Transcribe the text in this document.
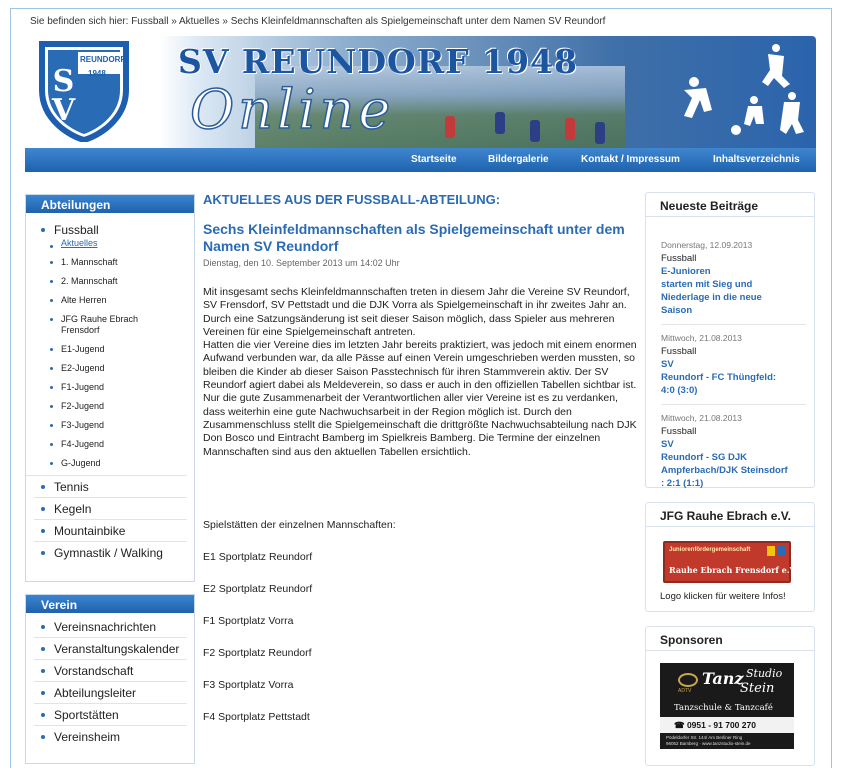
Sie befinden sich hier: Fussball » Aktuelles » Sechs Kleinfeldmannschaften als Spielgemeinschaft unter dem Namen SV Reundorf
REUNDORF
1948
SV
SV REUNDORF 1948
Online
Startseite	Bildergalerie	Kontakt / Impressum	Inhaltsverzeichnis
Abteilungen
Fussball
Aktuelles
1. Mannschaft
2. Mannschaft
Alte Herren
JFG Rauhe Ebrach Frensdorf
E1-Jugend
E2-Jugend
F1-Jugend
F2-Jugend
F3-Jugend
F4-Jugend
G-Jugend
Tennis
Kegeln
Mountainbike
Gymnastik / Walking
Verein
Vereinsnachrichten
Veranstaltungskalender
Vorstandschaft
Abteilungsleiter
Sportstätten
Vereinsheim
AKTUELLES AUS DER FUSSBALL-ABTEILUNG:
Sechs Kleinfeldmannschaften als Spielgemeinschaft unter dem Namen SV Reundorf
Dienstag, den 10. September 2013 um 14:02 Uhr

Mit insgesamt sechs Kleinfeldmannschaften treten in diesem Jahr die Vereine SV Reundorf, SV Frensdorf, SV Pettstadt und die DJK Vorra als Spielgemeinschaft in ihr zweites Jahr an. Durch eine Satzungsänderung ist seit dieser Saison möglich, dass Spieler aus mehreren Vereinen für eine Spielgemeinschaft antreten.

Hatten die vier Vereine dies im letzten Jahr bereits praktiziert, was jedoch mit einem enormen Aufwand verbunden war, da alle Pässe auf einen Verein umgeschrieben werden mussten, so bleiben die Kinder ab dieser Saison Passtechnisch für ihren Stammverein aktiv. Der SV Reundorf agiert dabei als Meldeverein, so dass er auch in den offiziellen Tabellen sichtbar ist. Nur die gute Zusammenarbeit der Verantwortlichen aller vier Vereine ist es zu verdanken, dass weiterhin eine gute Nachwuchsarbeit in der Region möglich ist. Durch den Zusammenschluss stellt die Spielgemeinschaft die drittgrößte Nachwuchsabteilung nach DJK Don Bosco und Eintracht Bamberg im Spielkreis Bamberg. Die Termine der einzelnen Mannschaften sind aus den aktuellen Tabellen ersichtlich.

Spielstätten der einzelnen Mannschaften:
E1 Sportplatz Reundorf
E2 Sportplatz Reundorf
F1 Sportplatz Vorra
F2 Sportplatz Reundorf
F3 Sportplatz Vorra
F4 Sportplatz Pettstadt
Neueste Beiträge
Donnerstag, 12.09.2013
Fussball
E-Junioren
starten mit Sieg und
Niederlage in die neue
Saison
Mittwoch, 21.08.2013
Fussball
SV
Reundorf - FC Thüngfeld:
4:0 (3:0)
Mittwoch, 21.08.2013
Fussball
SV
Reundorf - SG DJK
Ampferbach/DJK Steinsdorf
: 2:1 (1:1)
JFG Rauhe Ebrach e.V.
Juniorenfördergemeinschaft
Rauhe Ebrach Frensdorf e.V.
Logo klicken für weitere Infos!
Sponsoren
ADTV
Tanz Studio
Stein
Tanzschule & Tanzcafé
☎ 0951 - 91 700 270
Pödeldorfer Str. 144/ Am Berliner Ring
96052 Bamberg · www.tanzstudio-stein.de
